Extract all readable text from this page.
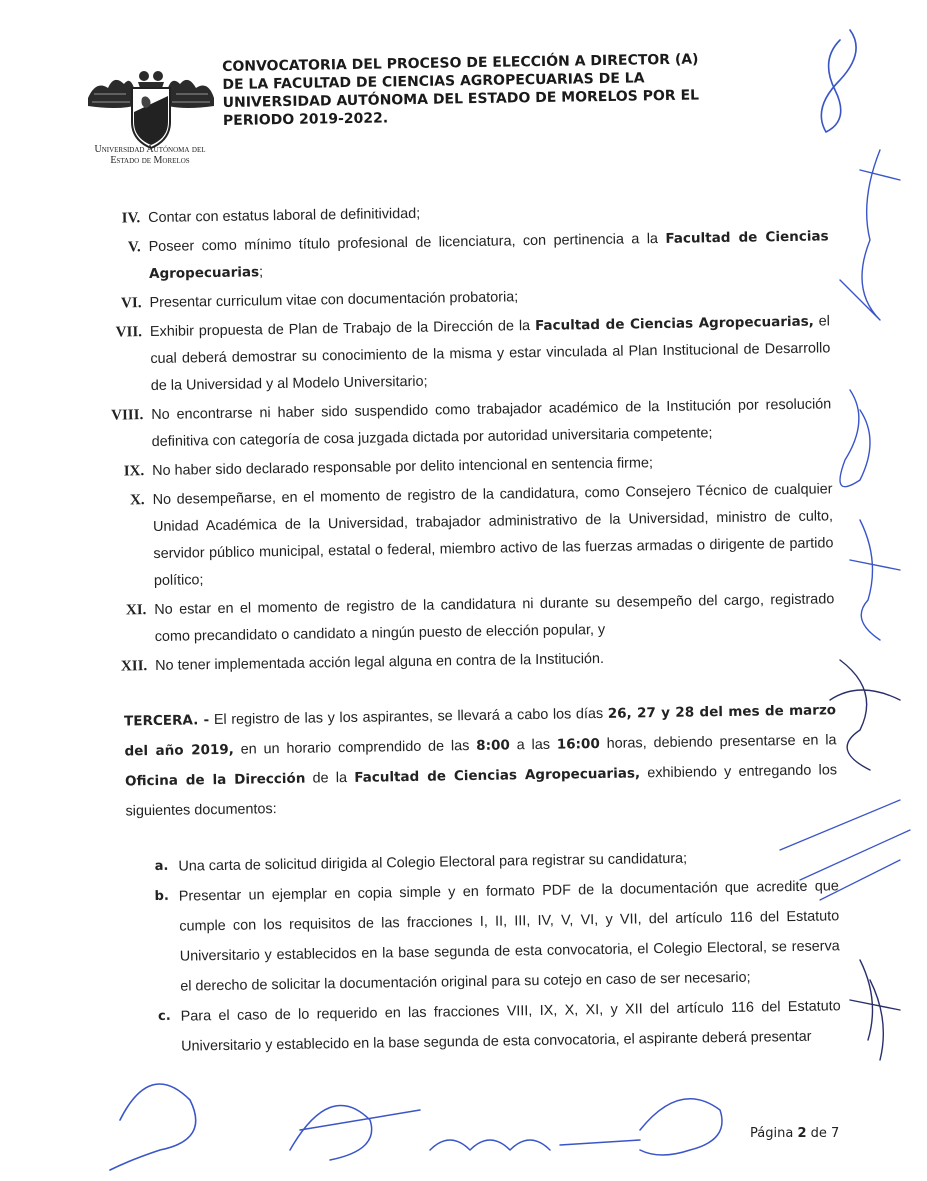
Universidad Autónoma del
Estado de Morelos
CONVOCATORIA DEL PROCESO DE ELECCIÓN A DIRECTOR (A) DE LA FACULTAD DE CIENCIAS AGROPECUARIAS DE LA UNIVERSIDAD AUTÓNOMA DEL ESTADO DE MORELOS POR EL PERIODO 2019-2022.
IV. Contar con estatus laboral de definitividad;
V. Poseer como mínimo título profesional de licenciatura, con pertinencia a la Facultad de Ciencias Agropecuarias;
VI. Presentar curriculum vitae con documentación probatoria;
VII. Exhibir propuesta de Plan de Trabajo de la Dirección de la Facultad de Ciencias Agropecuarias, el cual deberá demostrar su conocimiento de la misma y estar vinculada al Plan Institucional de Desarrollo de la Universidad y al Modelo Universitario;
VIII. No encontrarse ni haber sido suspendido como trabajador académico de la Institución por resolución definitiva con categoría de cosa juzgada dictada por autoridad universitaria competente;
IX. No haber sido declarado responsable por delito intencional en sentencia firme;
X. No desempeñarse, en el momento de registro de la candidatura, como Consejero Técnico de cualquier Unidad Académica de la Universidad, trabajador administrativo de la Universidad, ministro de culto, servidor público municipal, estatal o federal, miembro activo de las fuerzas armadas o dirigente de partido político;
XI. No estar en el momento de registro de la candidatura ni durante su desempeño del cargo, registrado como precandidato o candidato a ningún puesto de elección popular, y
XII. No tener implementada acción legal alguna en contra de la Institución.
TERCERA. - El registro de las y los aspirantes, se llevará a cabo los días 26, 27 y 28 del mes de marzo del año 2019, en un horario comprendido de las 8:00 a las 16:00 horas, debiendo presentarse en la Oficina de la Dirección de la Facultad de Ciencias Agropecuarias, exhibiendo y entregando los siguientes documentos:
a. Una carta de solicitud dirigida al Colegio Electoral para registrar su candidatura;
b. Presentar un ejemplar en copia simple y en formato PDF de la documentación que acredite que cumple con los requisitos de las fracciones I, II, III, IV, V, VI, y VII, del artículo 116 del Estatuto Universitario y establecidos en la base segunda de esta convocatoria, el Colegio Electoral, se reserva el derecho de solicitar la documentación original para su cotejo en caso de ser necesario;
c. Para el caso de lo requerido en las fracciones VIII, IX, X, XI, y XII del artículo 116 del Estatuto Universitario y establecido en la base segunda de esta convocatoria, el aspirante deberá presentar
Página 2 de 7
